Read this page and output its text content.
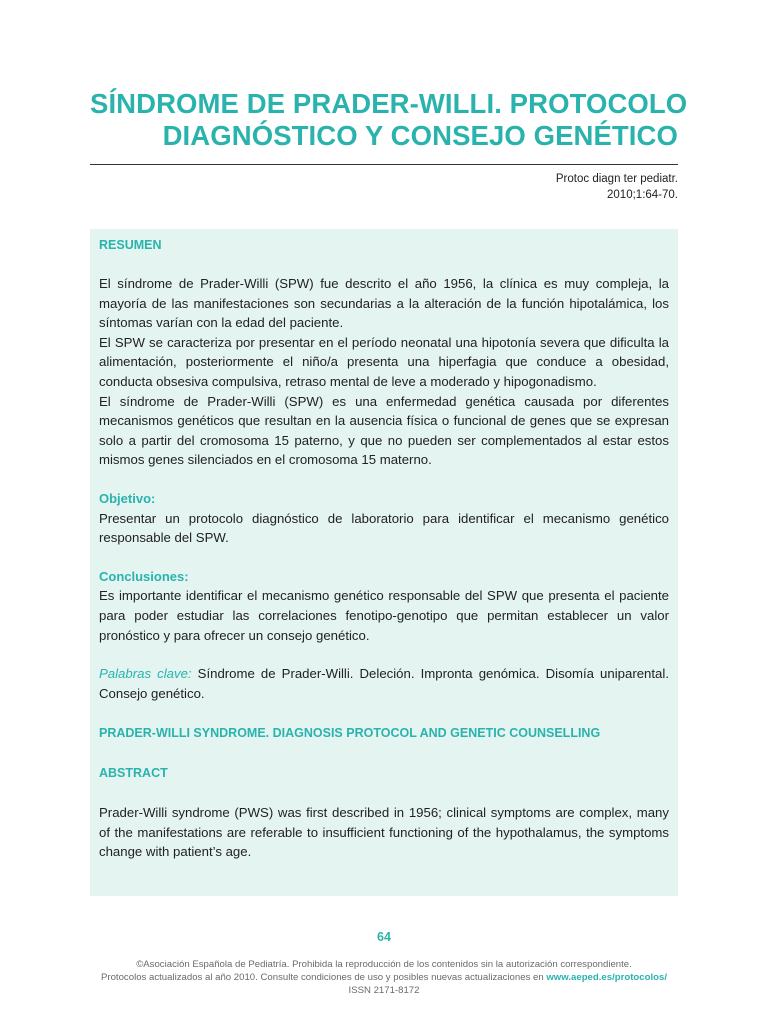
SÍNDROME DE PRADER-WILLI. PROTOCOLO
DIAGNÓSTICO Y CONSEJO GENÉTICO
Protoc diagn ter pediatr.
2010;1:64-70.
RESUMEN
El síndrome de Prader-Willi (SPW) fue descrito el año 1956, la clínica es muy compleja, la mayoría de las manifestaciones son secundarias a la alteración de la función hipotalámica, los síntomas varían con la edad del paciente.
El SPW se caracteriza por presentar en el período neonatal una hipotonía severa que dificulta la alimentación, posteriormente el niño/a presenta una hiperfagia que conduce a obesidad, conducta obsesiva compulsiva, retraso mental de leve a moderado y hipogonadismo.
El síndrome de Prader-Willi (SPW) es una enfermedad genética causada por diferentes mecanismos genéticos que resultan en la ausencia física o funcional de genes que se expresan solo a partir del cromosoma 15 paterno, y que no pueden ser complementados al estar estos mismos genes silenciados en el cromosoma 15 materno.
Objetivo:
Presentar un protocolo diagnóstico de laboratorio para identificar el mecanismo genético responsable del SPW.
Conclusiones:
Es importante identificar el mecanismo genético responsable del SPW que presenta el paciente para poder estudiar las correlaciones fenotipo-genotipo que permitan establecer un valor pronóstico y para ofrecer un consejo genético.
Palabras clave: Síndrome de Prader-Willi. Deleción. Impronta genómica. Disomía uniparental. Consejo genético.
PRADER-WILLI SYNDROME. DIAGNOSIS PROTOCOL AND GENETIC COUNSELLING
ABSTRACT
Prader-Willi syndrome (PWS) was first described in 1956; clinical symptoms are complex, many of the manifestations are referable to insufficient functioning of the hypothalamus, the symptoms change with patient’s age.
64
©Asociación Española de Pediatría. Prohibida la reproducción de los contenidos sin la autorización correspondiente.
Protocolos actualizados al año 2010. Consulte condiciones de uso y posibles nuevas actualizaciones en www.aeped.es/protocolos/
ISSN 2171-8172
